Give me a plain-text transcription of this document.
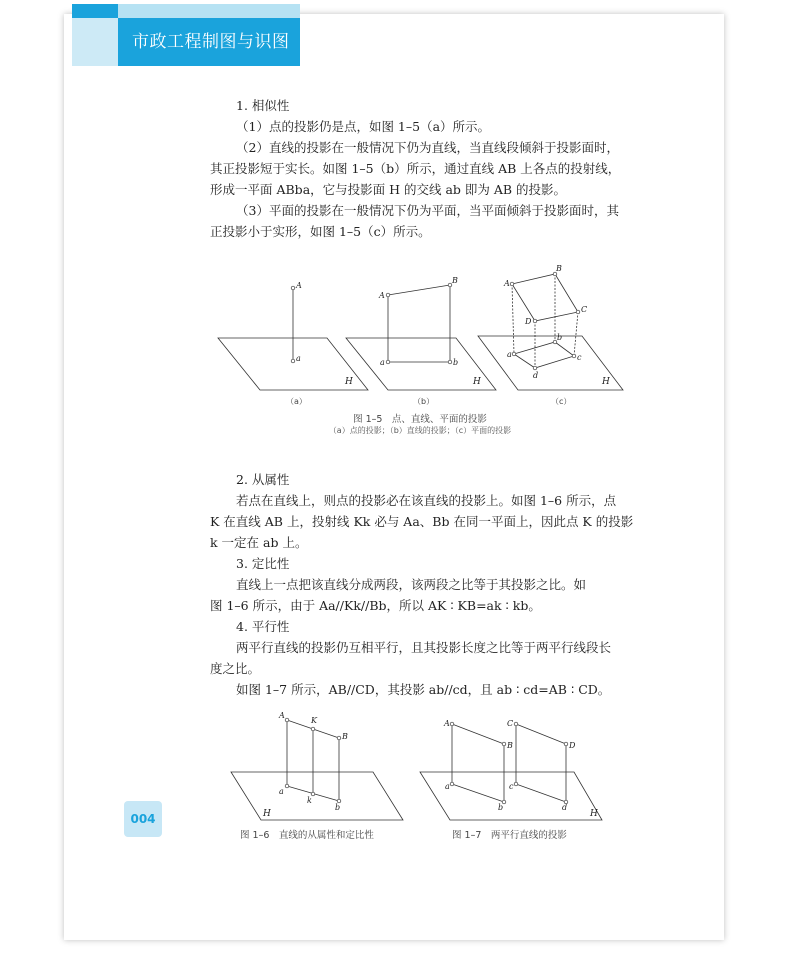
市政工程制图与识图
1. 相似性
（1）点的投影仍是点，如图 1–5（a）所示。
（2）直线的投影在一般情况下仍为直线，当直线段倾斜于投影面时，
其正投影短于实长。如图 1–5（b）所示，通过直线 AB 上各点的投射线，
形成一平面 ABba，它与投影面 H 的交线 ab 即为 AB 的投影。
（3）平面的投影在一般情况下仍为平面，当平面倾斜于投影面时，其
正投影小于实形，如图 1–5（c）所示。
A
a
H
A
B
a	b
H
A
B
C
D
a
b
c
d
H
（a）	（b）	（c）
图 1–5　点、直线、平面的投影
（a）点的投影；（b）直线的投影；（c）平面的投影
2. 从属性
若点在直线上，则点的投影必在该直线的投影上。如图 1–6 所示，点
K 在直线 AB 上，投射线 Kk 必与 Aa、Bb 在同一平面上，因此点 K 的投影
k 一定在 ab 上。
3. 定比性
直线上一点把该直线分成两段，该两段之比等于其投影之比。如
图 1–6 所示，由于 Aa//Kk//Bb，所以 AK ∶ KB=ak ∶ kb。
4. 平行性
两平行直线的投影仍互相平行，且其投影长度之比等于两平行线段长
度之比。
如图 1–7 所示，AB//CD，其投影 ab//cd，且 ab ∶ cd=AB ∶ CD。
A
K
B
a
k
b
H
图 1–6　直线的从属性和定比性
A
B
C
D
a
b
c
d
H
图 1–7　两平行直线的投影
004
